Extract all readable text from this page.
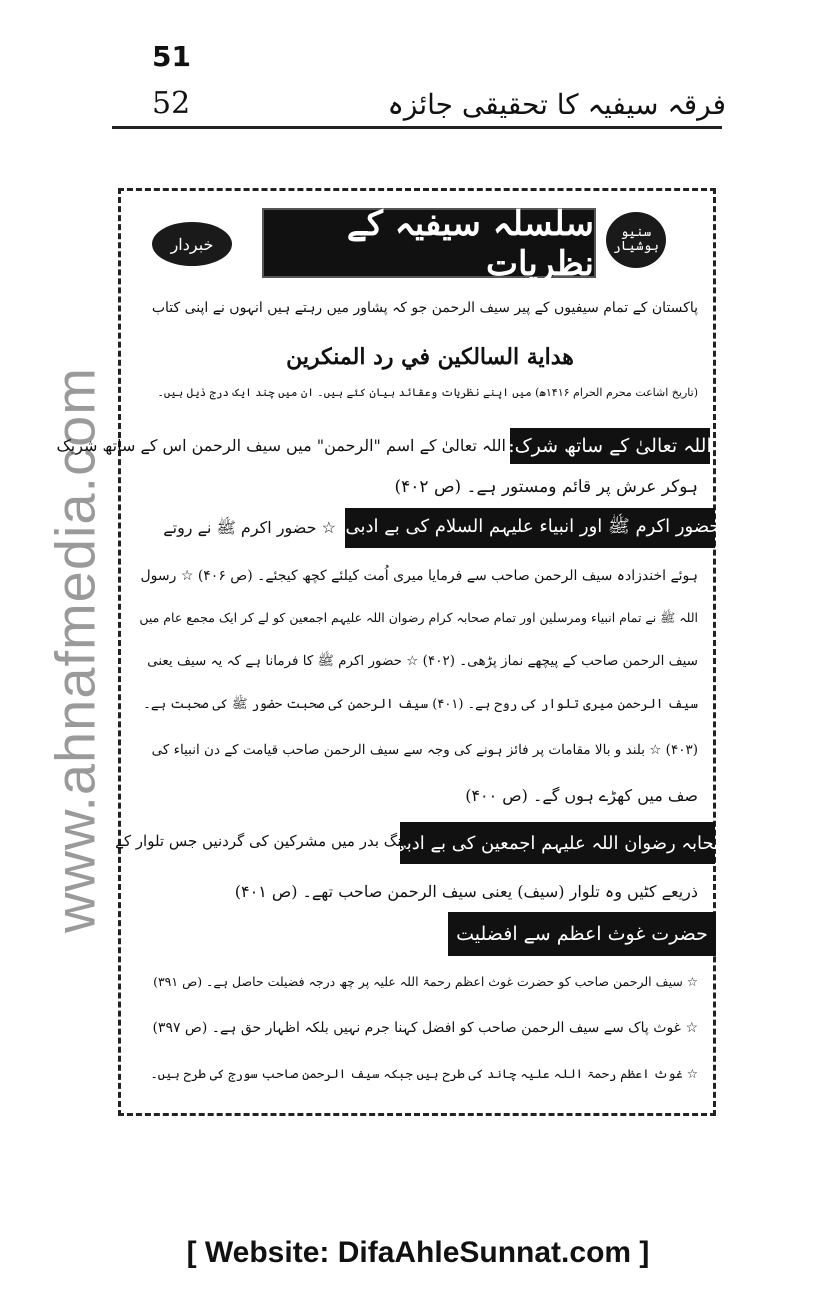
51
52	فرقہ سیفیہ کا تحقیقی جائزہ
www.ahnafmedia.com
خبردار
سنیو ہوشیار
سلسلہ سیفیہ کے نظریات
پاکستان کے تمام سیفیوں کے پیر سیف الرحمن جو کہ پشاور میں رہتے ہیں انہوں نے اپنی کتاب
هداية السالكين في رد المنكرين
(تاریخ اشاعت محرم الحرام ۱۴۱۶ھ) میں اپنے نظریات وعقائد بیان کئے ہیں۔ ان میں چند ایک درج ذیل ہیں۔
اللہ تعالیٰ کے ساتھ شرک:
اللہ تعالیٰ کے اسم "الرحمن" میں سیف الرحمن اس کے ساتھ شریک
ہوکر عرش پر قائم ومستور ہے۔ (ص ۴۰۲)
حضور اکرم ﷺ اور انبیاء علیہم السلام کی بے ادبی:
☆ حضور اکرم ﷺ نے روتے
ہوئے اخندزادہ سیف الرحمن صاحب سے فرمایا میری اُمت کیلئے کچھ کیجئے۔ (ص ۴۰۶) ☆ رسول
اللہ ﷺ نے تمام انبیاء ومرسلین اور تمام صحابہ کرام رضوان اللہ علیہم اجمعین کو لے کر ایک مجمع عام میں
سیف الرحمن صاحب کے پیچھے نماز پڑھی۔ (۴۰۲) ☆ حضور اکرم ﷺ کا فرمانا ہے کہ یہ سیف یعنی
سیف الرحمن میری تلوار کی روح ہے۔ (۴۰۱) سیف الرحمن کی صحبت حضور ﷺ کی صحبت ہے۔
(۴۰۳) ☆ بلند و بالا مقامات پر فائز ہونے کی وجہ سے سیف الرحمن صاحب قیامت کے دن انبیاء کی
صف میں کھڑے ہوں گے۔ (ص ۴۰۰)
صحابہ رضوان اللہ علیہم اجمعین کی بے ادبی:
جنگ بدر میں مشرکین کی گردنیں جس تلوار کے
ذریعے کٹیں وہ تلوار (سیف) یعنی سیف الرحمن صاحب تھے۔ (ص ۴۰۱)
حضرت غوث اعظم سے افضلیت
☆ سیف الرحمن صاحب کو حضرت غوث اعظم رحمۃ اللہ علیہ پر چھ درجہ فضیلت حاصل ہے۔ (ص ۳۹۱)
☆ غوث پاک سے سیف الرحمن صاحب کو افضل کہنا جرم نہیں بلکہ اظہار حق ہے۔ (ص ۳۹۷)
☆ غوث اعظم رحمۃ اللہ علیہ چاند کی طرح ہیں جبکہ سیف الرحمن صاحب سورج کی طرح ہیں۔
[ Website: DifaAhleSunnat.com ]
